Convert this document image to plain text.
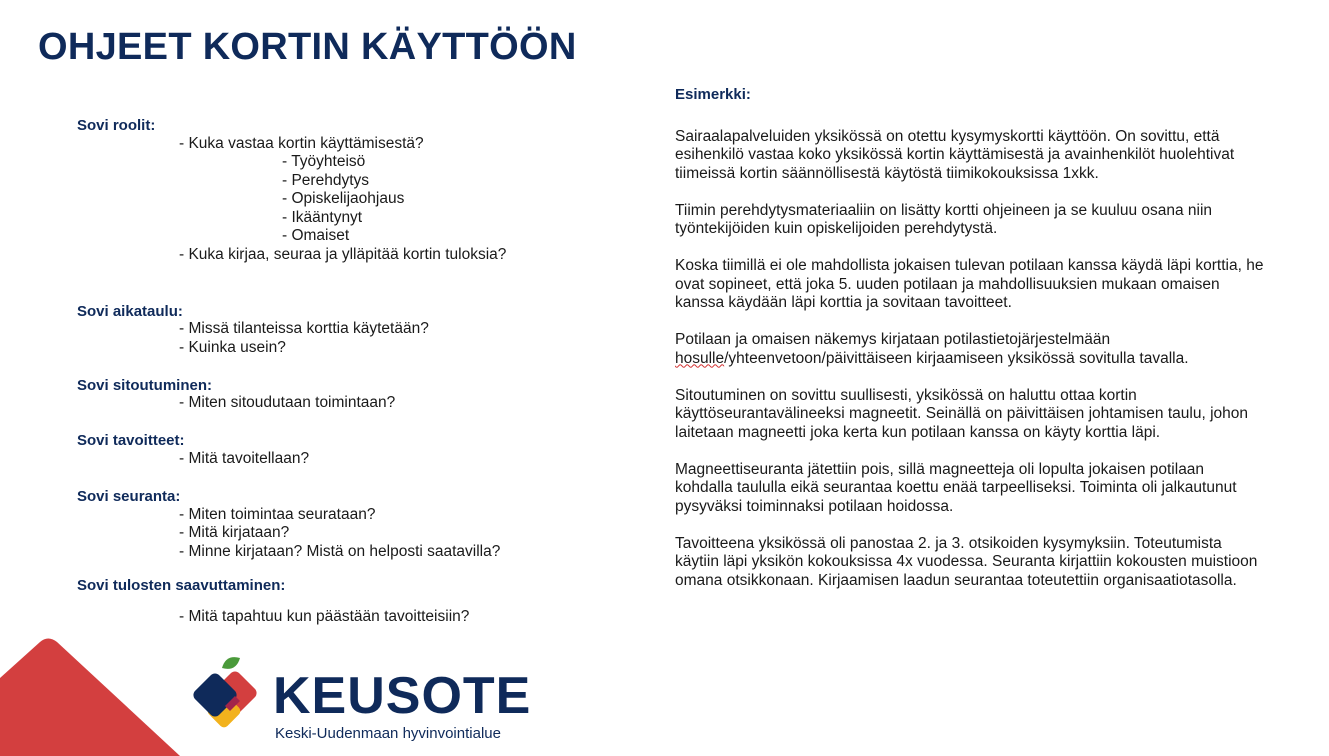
OHJEET KORTIN KÄYTTÖÖN
Sovi roolit:
- Kuka vastaa kortin käyttämisestä?
- Työyhteisö
- Perehdytys
- Opiskelijaohjaus
- Ikääntynyt
- Omaiset
- Kuka kirjaa, seuraa ja ylläpitää kortin tuloksia?
Sovi aikataulu:
- Missä tilanteissa korttia käytetään?
- Kuinka usein?
Sovi sitoutuminen:
- Miten sitoudutaan toimintaan?
Sovi tavoitteet:
- Mitä tavoitellaan?
Sovi seuranta:
- Miten toimintaa seurataan?
- Mitä kirjataan?
- Minne kirjataan? Mistä on helposti saatavilla?
Sovi tulosten saavuttaminen:
- Mitä tapahtuu kun päästään tavoitteisiin?
Esimerkki:

Sairaalapalveluiden yksikössä on otettu kysymyskortti käyttöön. On sovittu, että esihenkilö vastaa koko yksikössä kortin käyttämisestä ja avainhenkilöt huolehtivat tiimeissä kortin säännöllisestä käytöstä tiimikokouksissa 1xkk.

Tiimin perehdytysmateriaaliin on lisätty kortti ohjeineen ja se kuuluu osana niin työntekijöiden kuin opiskelijoiden perehdytystä.

Koska tiimillä ei ole mahdollista jokaisen tulevan potilaan kanssa käydä läpi korttia, he ovat sopineet, että joka 5. uuden potilaan ja mahdollisuuksien mukaan omaisen kanssa käydään läpi korttia ja sovitaan tavoitteet.

Potilaan ja omaisen näkemys kirjataan potilastietojärjestelmään hosulle/yhteenvetoon/päivittäiseen kirjaamiseen yksikössä sovitulla tavalla.

Sitoutuminen on sovittu suullisesti, yksikössä on haluttu ottaa kortin käyttöseurantavälineeksi magneetit. Seinällä on päivittäisen johtamisen taulu, johon laitetaan magneetti joka kerta kun potilaan kanssa on käyty korttia läpi.

Magneettiseuranta jätettiin pois, sillä magneetteja oli lopulta jokaisen potilaan kohdalla taululla eikä seurantaa koettu enää tarpeelliseksi. Toiminta oli jalkautunut pysyväksi toiminnaksi potilaan hoidossa.

Tavoitteena yksikössä oli panostaa 2. ja 3. otsikoiden kysymyksiin. Toteutumista käytiin läpi yksikön kokouksissa 4x vuodessa. Seuranta kirjattiin kokousten muistioon omana otsikkonaan. Kirjaamisen laadun seurantaa toteutettiin organisaatiotasolla.

KEUSOTE
Keski-Uudenmaan hyvinvointialue
